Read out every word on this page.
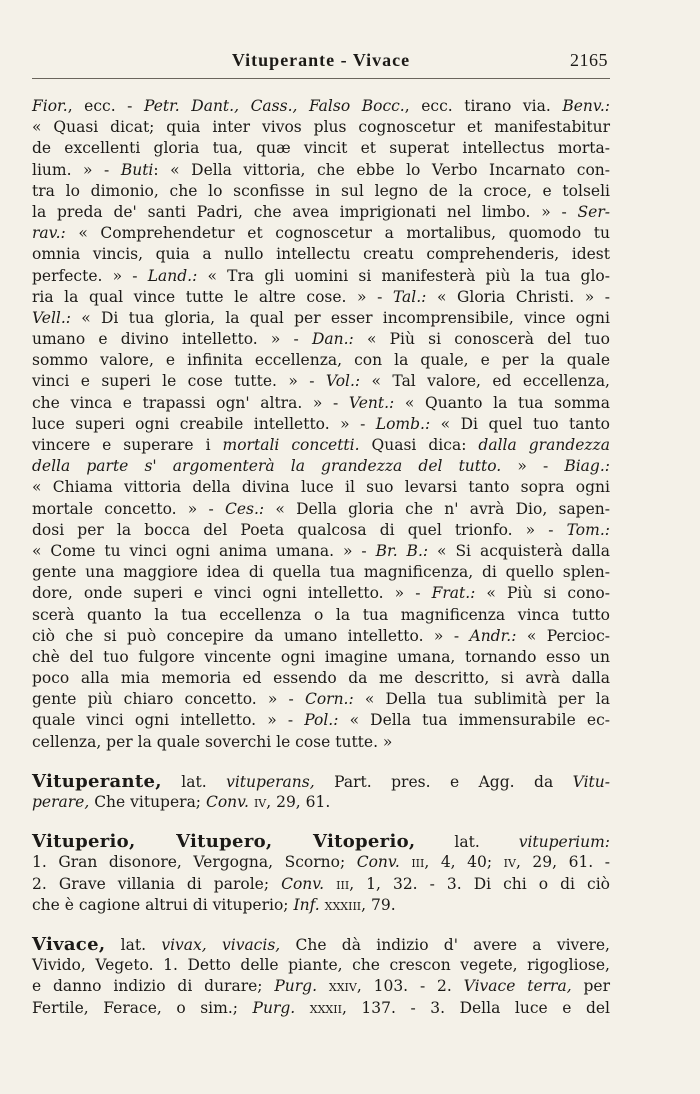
Vituperante - Vivace	2165
Fior., ecc. - Petr. Dant., Cass., Falso Bocc., ecc. tirano via. Benv.:
« Quasi dicat; quia inter vivos plus cognoscetur et manifestabitur
de excellenti gloria tua, quæ vincit et superat intellectus morta-
lium. » - Buti: « Della vittoria, che ebbe lo Verbo Incarnato con-
tra lo dimonio, che lo sconfisse in sul legno de la croce, e tolseli
la preda de' santi Padri, che avea imprigionati nel limbo. » - Ser-
rav.: « Comprehendetur et cognoscetur a mortalibus, quomodo tu
omnia vincis, quia a nullo intellectu creatu comprehenderis, idest
perfecte. » - Land.: « Tra gli uomini si manifesterà più la tua glo-
ria la qual vince tutte le altre cose. » - Tal.: « Gloria Christi. » -
Vell.: « Di tua gloria, la qual per esser incomprensibile, vince ogni
umano e divino intelletto. » - Dan.: « Più si conoscerà del tuo
sommo valore, e infinita eccellenza, con la quale, e per la quale
vinci e superi le cose tutte. » - Vol.: « Tal valore, ed eccellenza,
che vinca e trapassi ogn' altra. » - Vent.: « Quanto la tua somma
luce superi ogni creabile intelletto. » - Lomb.: « Di quel tuo tanto
vincere e superare i mortali concetti. Quasi dica: dalla grandezza
della parte s' argomenterà la grandezza del tutto. » - Biag.:
« Chiama vittoria della divina luce il suo levarsi tanto sopra ogni
mortale concetto. » - Ces.: « Della gloria che n' avrà Dio, sapen-
dosi per la bocca del Poeta qualcosa di quel trionfo. » - Tom.:
« Come tu vinci ogni anima umana. » - Br. B.: « Si acquisterà dalla
gente una maggiore idea di quella tua magnificenza, di quello splen-
dore, onde superi e vinci ogni intelletto. » - Frat.: « Più si cono-
scerà quanto la tua eccellenza o la tua magnificenza vinca tutto
ciò che si può concepire da umano intelletto. » - Andr.: « Percioc-
chè del tuo fulgore vincente ogni imagine umana, tornando esso un
poco alla mia memoria ed essendo da me descritto, si avrà dalla
gente più chiaro concetto. » - Corn.: « Della tua sublimità per la
quale vinci ogni intelletto. » - Pol.: « Della tua immensurabile ec-
cellenza, per la quale soverchi le cose tutte. »
Vituperante, lat. vituperans, Part. pres. e Agg. da Vitu-
perare, Che vitupera; Conv. iv, 29, 61.
Vituperio, Vitupero, Vitoperio, lat. vituperium:
1. Gran disonore, Vergogna, Scorno; Conv. iii, 4, 40; iv, 29, 61. -
2. Grave villania di parole; Conv. iii, 1, 32. - 3. Di chi o di ciò
che è cagione altrui di vituperio; Inf. xxxiii, 79.
Vivace, lat. vivax, vivacis, Che dà indizio d' avere a vivere,
Vivido, Vegeto. 1. Detto delle piante, che crescon vegete, rigogliose,
e danno indizio di durare; Purg. xxiv, 103. - 2. Vivace terra, per
Fertile, Ferace, o sim.; Purg. xxxii, 137. - 3. Della luce e del
